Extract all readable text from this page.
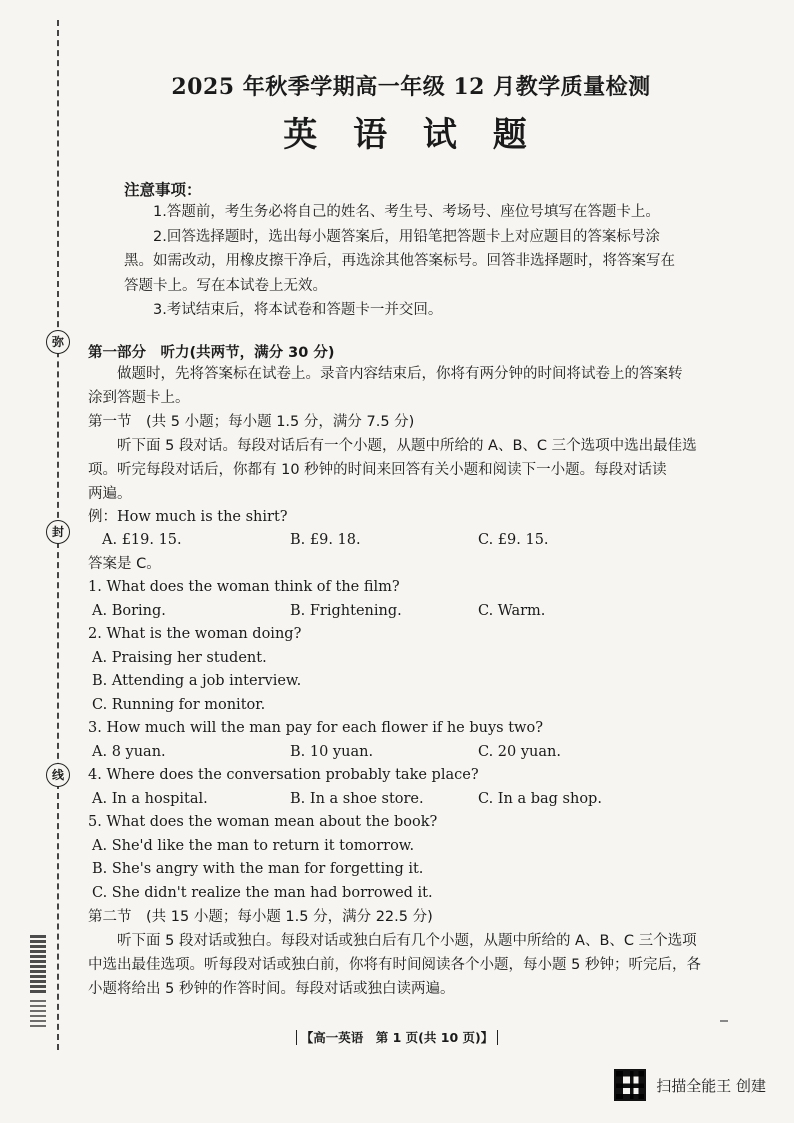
弥
封
线
2025 年秋季学期高一年级 12 月教学质量检测
英 语 试 题
注意事项：

1.答题前，考生务必将自己的姓名、考生号、考场号、座位号填写在答题卡上。

2.回答选择题时，选出每小题答案后，用铅笔把答题卡上对应题目的答案标号涂

黑。如需改动，用橡皮擦干净后，再选涂其他答案标号。回答非选择题时，将答案写在

答题卡上。写在本试卷上无效。

3.考试结束后，将本试卷和答题卡一并交回。

第一部分　听力(共两节，满分 30 分)

做题时，先将答案标在试卷上。录音内容结束后，你将有两分钟的时间将试卷上的答案转

涂到答题卡上。

第一节　(共 5 小题；每小题 1.5 分，满分 7.5 分)

听下面 5 段对话。每段对话后有一个小题，从题中所给的 A、B、C 三个选项中选出最佳选

项。听完每段对话后，你都有 10 秒钟的时间来回答有关小题和阅读下一小题。每段对话读

两遍。

例：How much is the shirt?
A. £19. 15.	B. £9. 18.	C. £9. 15.
答案是 C。
1. What does the woman think of the film?
A. Boring.	B. Frightening.	C. Warm.
2. What is the woman doing?
A. Praising her student.
B. Attending a job interview.
C. Running for monitor.
3. How much will the man pay for each flower if he buys two?
A. 8 yuan.	B. 10 yuan.	C. 20 yuan.
4. Where does the conversation probably take place?
A. In a hospital.	B. In a shoe store.	C. In a bag shop.
5. What does the woman mean about the book?
A. She'd like the man to return it tomorrow.
B. She's angry with the man for forgetting it.
C. She didn't realize the man had borrowed it.
第二节　(共 15 小题；每小题 1.5 分，满分 22.5 分)

听下面 5 段对话或独白。每段对话或独白后有几个小题，从题中所给的 A、B、C 三个选项

中选出最佳选项。听每段对话或独白前，你将有时间阅读各个小题，每小题 5 秒钟；听完后，各

小题将给出 5 秒钟的作答时间。每段对话或独白读两遍。

【高一英语　第 1 页(共 10 页)】
扫描全能王 创建
